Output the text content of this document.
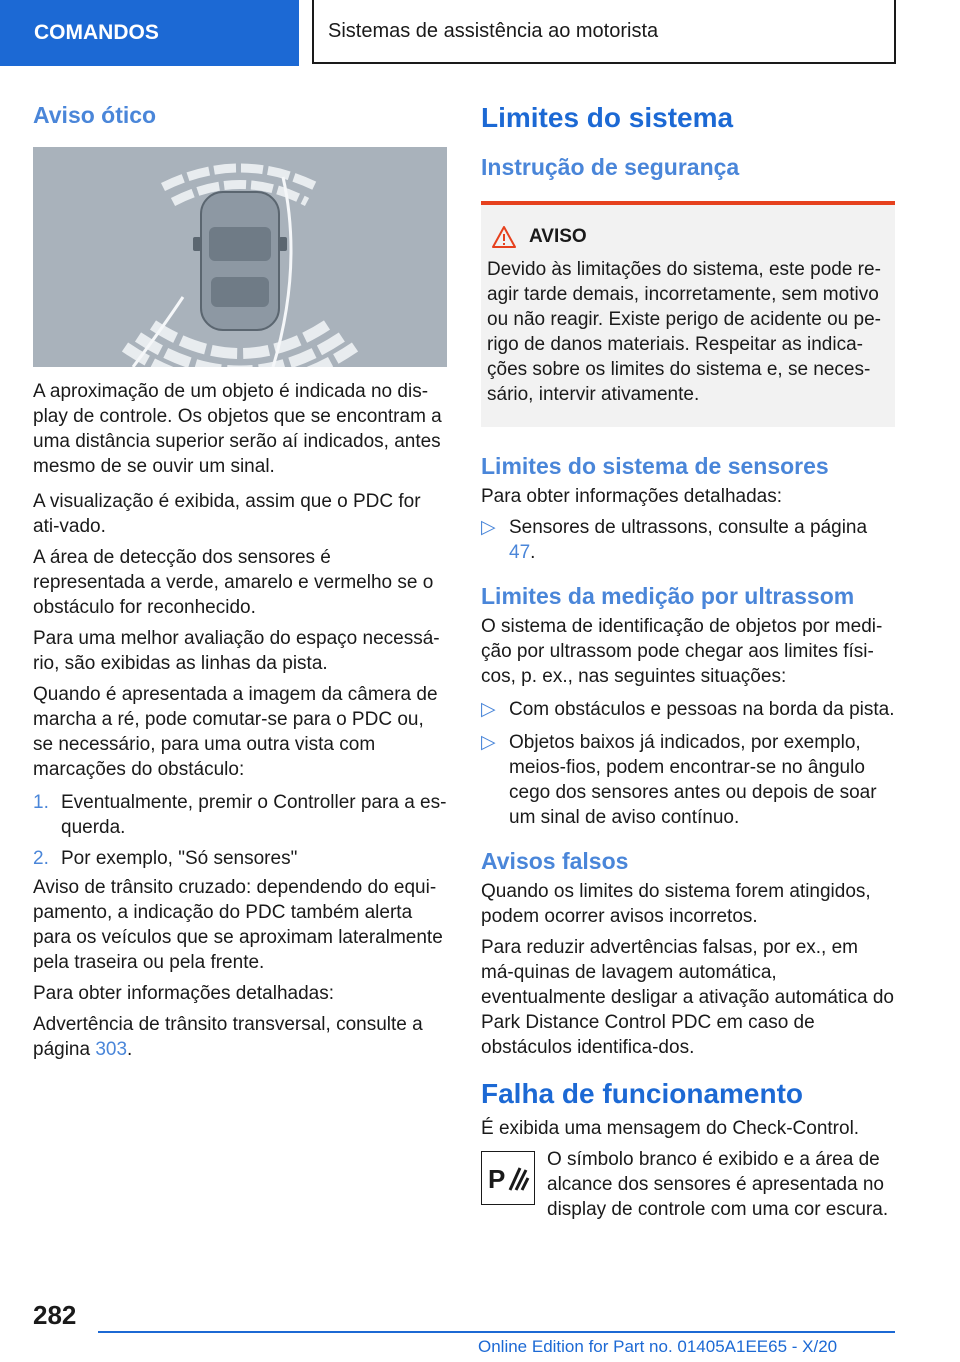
COMANDOS	Sistemas de assistência ao motorista
Aviso ótico

A aproximação de um objeto é indicada no dis-play de controle. Os objetos que se encontram a uma distância superior serão aí indicados, antes mesmo de se ouvir um sinal.

A visualização é exibida, assim que o PDC for ati-vado.

A área de detecção dos sensores é representada a verde, amarelo e vermelho se o obstáculo for reconhecido.

Para uma melhor avaliação do espaço necessá-rio, são exibidas as linhas da pista.

Quando é apresentada a imagem da câmera de marcha a ré, pode comutar-se para o PDC ou, se necessário, para uma outra vista com marcações do obstáculo:

1. Eventualmente, premir o Controller para a es-querda.
2. Por exemplo, "Só sensores"

Aviso de trânsito cruzado: dependendo do equi-pamento, a indicação do PDC também alerta para os veículos que se aproximam lateralmente pela traseira ou pela frente.

Para obter informações detalhadas:

Advertência de trânsito transversal, consulte a página 303.

Limites do sistema
Instrução de segurança
AVISO

Devido às limitações do sistema, este pode re-agir tarde demais, incorretamente, sem motivo ou não reagir. Existe perigo de acidente ou pe-rigo de danos materiais. Respeitar as indica-ções sobre os limites do sistema e, se neces-sário, intervir ativamente.

Limites do sistema de sensores

Para obter informações detalhadas:

▷ Sensores de ultrassons, consulte a página 47.
Limites da medição por ultrassom

O sistema de identificação de objetos por medi-ção por ultrassom pode chegar aos limites físi-cos, p. ex., nas seguintes situações:

▷ Com obstáculos e pessoas na borda da pista.
▷ Objetos baixos já indicados, por exemplo, meios-fios, podem encontrar-se no ângulo cego dos sensores antes ou depois de soar um sinal de aviso contínuo.
Avisos falsos

Quando os limites do sistema forem atingidos, podem ocorrer avisos incorretos.

Para reduzir advertências falsas, por ex., em má-quinas de lavagem automática, eventualmente desligar a ativação automática do Park Distance Control PDC em caso de obstáculos identifica-dos.

Falha de funcionamento

É exibida uma mensagem do Check-Control.

P

O símbolo branco é exibido e a área de alcance dos sensores é apresentada no display de controle com uma cor escura.

282
Online Edition for Part no. 01405A1EE65 - X/20
